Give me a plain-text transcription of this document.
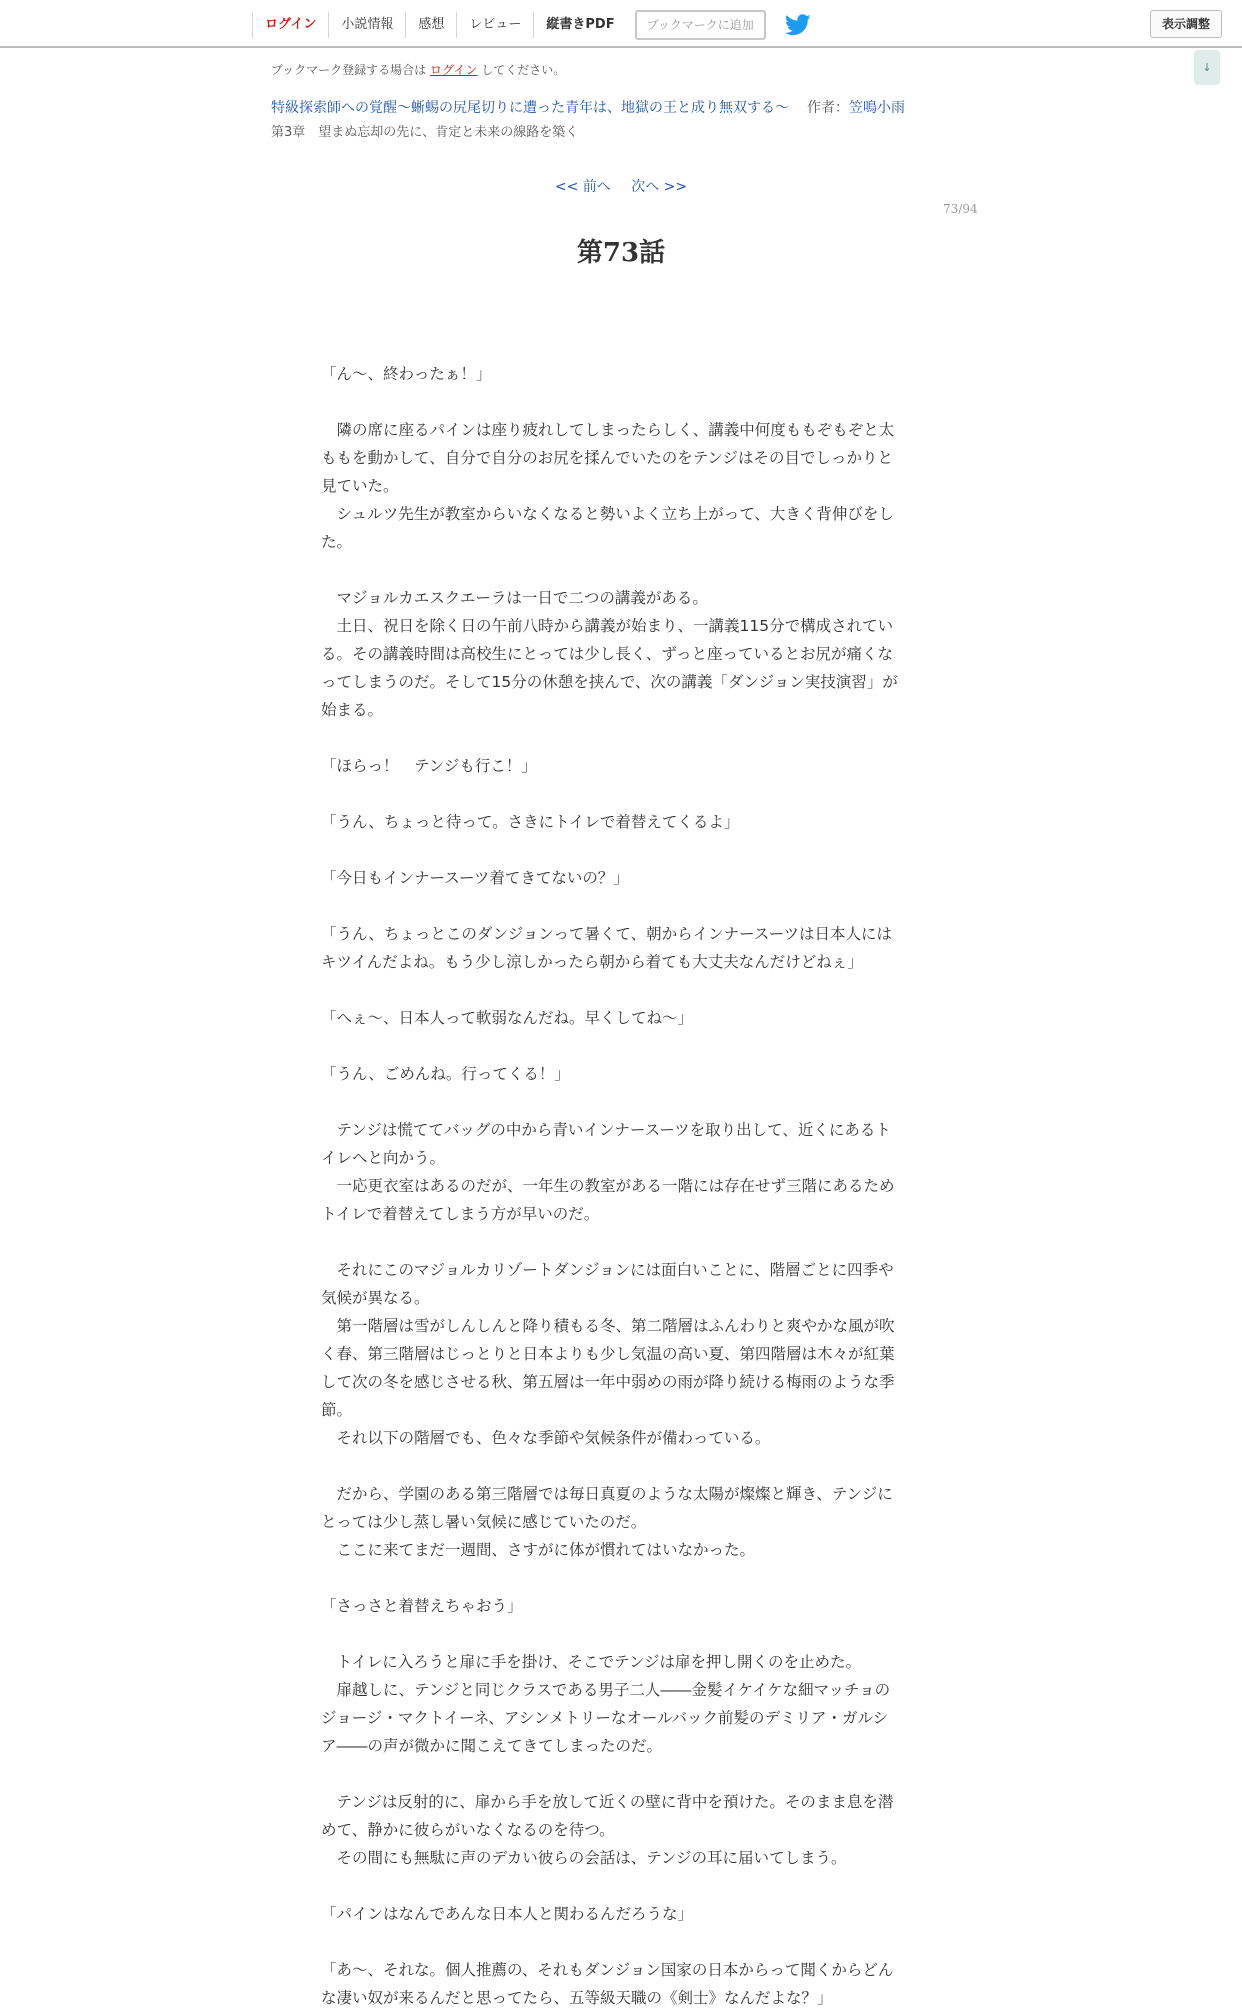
ログイン	小説情報	感想	レビュー	縦書きPDF	ブックマークに追加	表示調整
↓
ブックマーク登録する場合は ログイン してください。
特級探索師への覚醒～蜥蜴の尻尾切りに遭った青年は、地獄の王と成り無双する～ 作者：笠鳴小雨
第3章　望まぬ忘却の先に、肯定と未来の線路を築く
<< 前へ 次へ >>
73/94
第73話

「ん～、終わったぁ！」

　隣の席に座るパインは座り疲れしてしまったらしく、講義中何度ももぞもぞと太

ももを動かして、自分で自分のお尻を揉んでいたのをテンジはその目でしっかりと

見ていた。

　シュルツ先生が教室からいなくなると勢いよく立ち上がって、大きく背伸びをし

た。

　マジョルカエスクエーラは一日で二つの講義がある。

　土日、祝日を除く日の午前八時から講義が始まり、一講義115分で構成されてい

る。その講義時間は高校生にとっては少し長く、ずっと座っているとお尻が痛くな

ってしまうのだ。そして15分の休憩を挟んで、次の講義「ダンジョン実技演習」が

始まる。

「ほらっ！　テンジも行こ！」

「うん、ちょっと待って。さきにトイレで着替えてくるよ」

「今日もインナースーツ着てきてないの？」

「うん、ちょっとこのダンジョンって暑くて、朝からインナースーツは日本人には

キツイんだよね。もう少し涼しかったら朝から着ても大丈夫なんだけどねぇ」

「へぇ～、日本人って軟弱なんだね。早くしてね～」

「うん、ごめんね。行ってくる！」

　テンジは慌ててバッグの中から青いインナースーツを取り出して、近くにあるト

イレへと向かう。

　一応更衣室はあるのだが、一年生の教室がある一階には存在せず三階にあるため

トイレで着替えてしまう方が早いのだ。

　それにこのマジョルカリゾートダンジョンには面白いことに、階層ごとに四季や

気候が異なる。

　第一階層は雪がしんしんと降り積もる冬、第二階層はふんわりと爽やかな風が吹

く春、第三階層はじっとりと日本よりも少し気温の高い夏、第四階層は木々が紅葉

して次の冬を感じさせる秋、第五層は一年中弱めの雨が降り続ける梅雨のような季

節。

　それ以下の階層でも、色々な季節や気候条件が備わっている。

　だから、学園のある第三階層では毎日真夏のような太陽が燦燦と輝き、テンジに

とっては少し蒸し暑い気候に感じていたのだ。

　ここに来てまだ一週間、さすがに体が慣れてはいなかった。

「さっさと着替えちゃおう」

　トイレに入ろうと扉に手を掛け、そこでテンジは扉を押し開くのを止めた。

　扉越しに、テンジと同じクラスである男子二人――金髪イケイケな細マッチョの

ジョージ・マクトイーネ、アシンメトリーなオールバック前髪のデミリア・ガルシ

ア――の声が微かに聞こえてきてしまったのだ。

　テンジは反射的に、扉から手を放して近くの壁に背中を預けた。そのまま息を潜

めて、静かに彼らがいなくなるのを待つ。

　その間にも無駄に声のデカい彼らの会話は、テンジの耳に届いてしまう。

「パインはなんであんな日本人と関わるんだろうな」

「あ～、それな。個人推薦の、それもダンジョン国家の日本からって聞くからどん

な凄い奴が来るんだと思ってたら、五等級天職の《剣士》なんだよな？」
